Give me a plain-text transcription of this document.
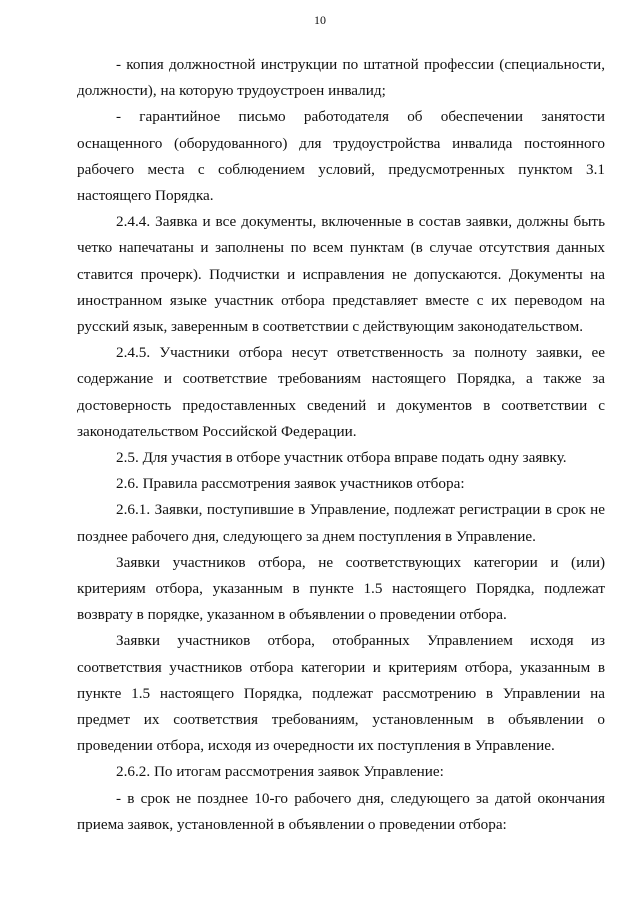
10

- копия должностной инструкции по штатной профессии (специальности, должности), на которую трудоустроен инвалид;

- гарантийное письмо работодателя об обеспечении занятости оснащенного (оборудованного) для трудоустройства инвалида постоянного рабочего места с соблюдением условий, предусмотренных пунктом 3.1 настоящего Порядка.

2.4.4. Заявка и все документы, включенные в состав заявки, должны быть четко напечатаны и заполнены по всем пунктам (в случае отсутствия данных ставится прочерк). Подчистки и исправления не допускаются. Документы на иностранном языке участник отбора представляет вместе с их переводом на русский язык, заверенным в соответствии с действующим законодательством.

2.4.5. Участники отбора несут ответственность за полноту заявки, ее содержание и соответствие требованиям настоящего Порядка, а также за достоверность предоставленных сведений и документов в соответствии с законодательством Российской Федерации.

2.5. Для участия в отборе участник отбора вправе подать одну заявку.

2.6. Правила рассмотрения заявок участников отбора:

2.6.1. Заявки, поступившие в Управление, подлежат регистрации в срок не позднее рабочего дня, следующего за днем поступления в Управление.

Заявки участников отбора, не соответствующих категории и (или) критериям отбора, указанным в пункте 1.5 настоящего Порядка, подлежат возврату в порядке, указанном в объявлении о проведении отбора.

Заявки участников отбора, отобранных Управлением исходя из соответствия участников отбора категории и критериям отбора, указанным в пункте 1.5 настоящего Порядка, подлежат рассмотрению в Управлении на предмет их соответствия требованиям, установленным в объявлении о проведении отбора, исходя из очередности их поступления в Управление.

2.6.2. По итогам рассмотрения заявок Управление:

- в срок не позднее 10-го рабочего дня, следующего за датой окончания приема заявок, установленной в объявлении о проведении отбора:
